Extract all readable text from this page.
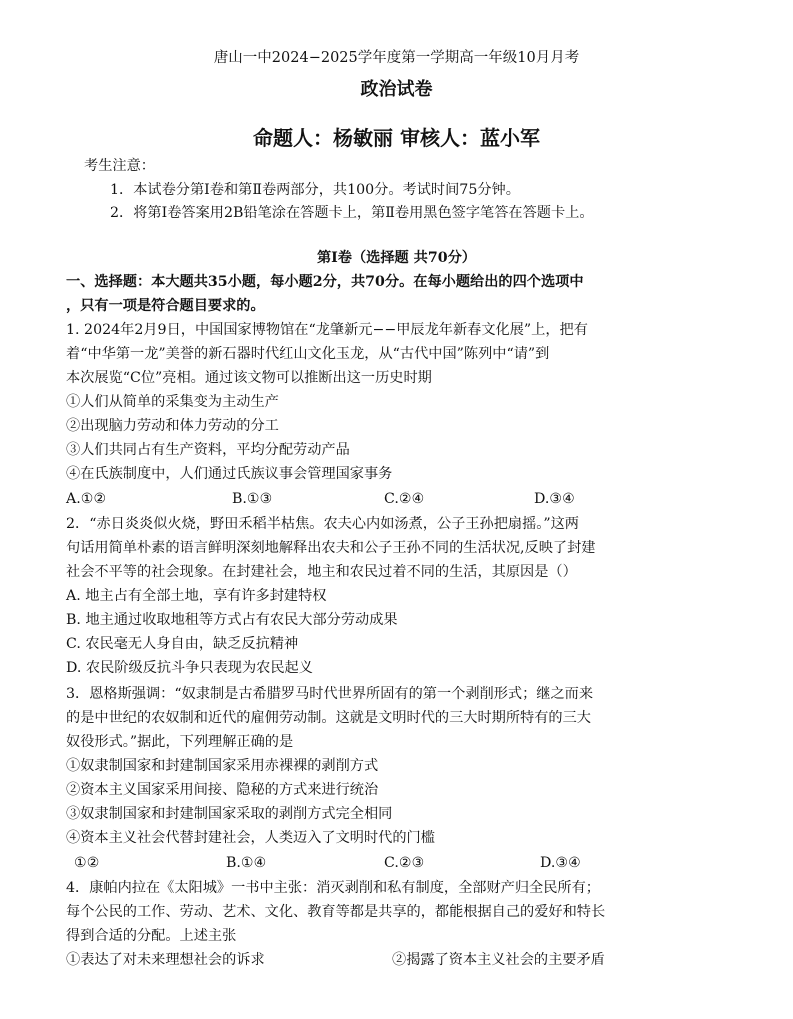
唐山一中2024−2025学年度第一学期高一年级10月月考
政治试卷
命题人：杨敏丽 审核人：蓝小军
考生注意：
1．本试卷分第Ⅰ卷和第Ⅱ卷两部分，共100分。考试时间75分钟。
2．将第Ⅰ卷答案用2B铅笔涂在答题卡上，第Ⅱ卷用黑色签字笔答在答题卡上。
第Ⅰ卷（选择题 共70分）
一、选择题：本大题共35小题，每小题2分，共70分。在每小题给出的四个选项中
，只有一项是符合题目要求的。
1. 2024年2月9日，中国国家博物馆在“龙肇新元−−甲辰龙年新春文化展”上，把有
着“中华第一龙”美誉的新石器时代红山文化玉龙，从“古代中国”陈列中“请”到
本次展览“C位”亮相。通过该文物可以推断出这一历史时期
①人们从简单的采集变为主动生产
②出现脑力劳动和体力劳动的分工
③人们共同占有生产资料，平均分配劳动产品
④在氏族制度中，人们通过氏族议事会管理国家事务
A.①②	B.①③	C.②④	D.③④
2．“赤日炎炎似火烧，野田禾稻半枯焦。农夫心内如汤煮，公子王孙把扇摇。”这两
句话用简单朴素的语言鲜明深刻地解释出农夫和公子王孙不同的生活状况,反映了封建
社会不平等的社会现象。在封建社会，地主和农民过着不同的生活，其原因是（）
A. 地主占有全部土地，享有许多封建特权
B. 地主通过收取地租等方式占有农民大部分劳动成果
C. 农民毫无人身自由，缺乏反抗精神
D. 农民阶级反抗斗争只表现为农民起义
3．恩格斯强调：“奴隶制是古希腊罗马时代世界所固有的第一个剥削形式；继之而来
的是中世纪的农奴制和近代的雇佣劳动制。这就是文明时代的三大时期所特有的三大
奴役形式。”据此，下列理解正确的是
①奴隶制国家和封建制国家采用赤裸裸的剥削方式
②资本主义国家采用间接、隐秘的方式来进行统治
③奴隶制国家和封建制国家采取的剥削方式完全相同
④资本主义社会代替封建社会，人类迈入了文明时代的门槛
①②	B.①④	C.②③	D.③④
4．康帕内拉在《太阳城》一书中主张：消灭剥削和私有制度，全部财产归全民所有；
每个公民的工作、劳动、艺术、文化、教育等都是共享的，都能根据自己的爱好和特长
得到合适的分配。上述主张
①表达了对未来理想社会的诉求	②揭露了资本主义社会的主要矛盾
